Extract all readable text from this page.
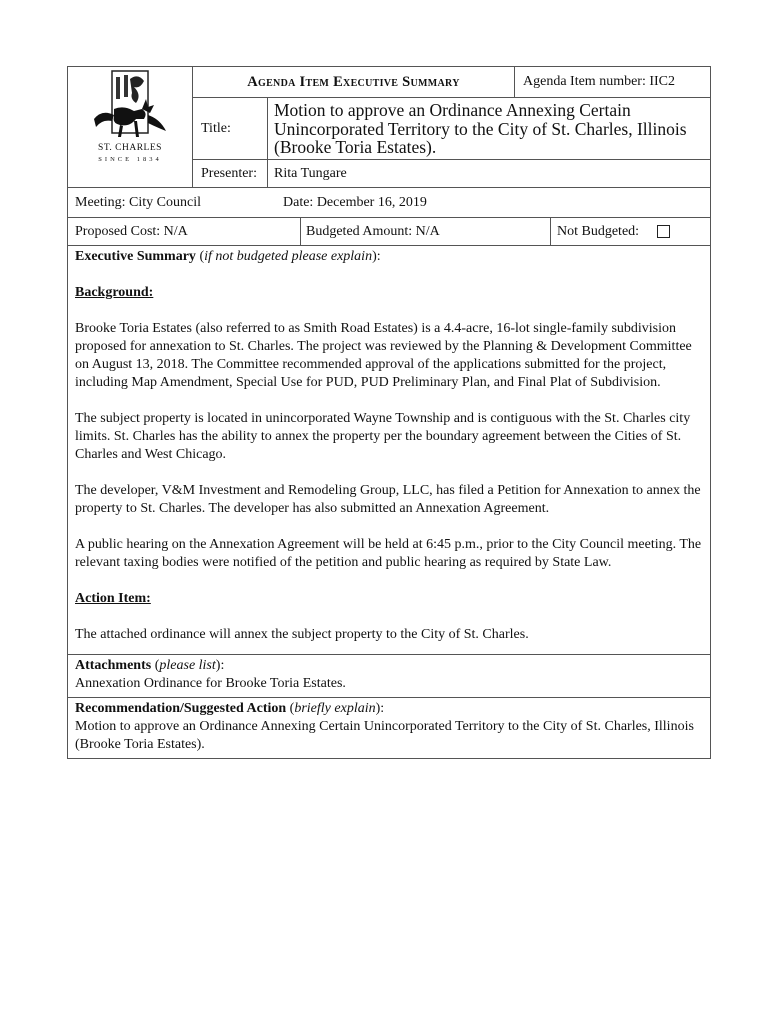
ST. CHARLES
SINCE 1834
Agenda Item Executive Summary	Agenda Item number: IIC2
Title:
Motion to approve an Ordinance Annexing Certain Unincorporated Territory to the City of St. Charles, Illinois (Brooke Toria Estates).
Presenter:	Rita Tungare
Meeting: City Council	Date: December 16, 2019
Proposed Cost: N/A	Budgeted Amount: N/A	Not Budgeted:
Executive Summary (if not budgeted please explain):

Background:

Brooke Toria Estates (also referred to as Smith Road Estates) is a 4.4-acre, 16-lot single-family subdivision proposed for annexation to St. Charles. The project was reviewed by the Planning & Development Committee on August 13, 2018. The Committee recommended approval of the applications submitted for the project, including Map Amendment, Special Use for PUD, PUD Preliminary Plan, and Final Plat of Subdivision.

The subject property is located in unincorporated Wayne Township and is contiguous with the St. Charles city limits. St. Charles has the ability to annex the property per the boundary agreement between the Cities of St. Charles and West Chicago.

The developer, V&M Investment and Remodeling Group, LLC, has filed a Petition for Annexation to annex the property to St. Charles. The developer has also submitted an Annexation Agreement.

A public hearing on the Annexation Agreement will be held at 6:45 p.m., prior to the City Council meeting. The relevant taxing bodies were notified of the petition and public hearing as required by State Law.

Action Item:

The attached ordinance will annex the subject property to the City of St. Charles.

Attachments (please list):
Annexation Ordinance for Brooke Toria Estates.
Recommendation/Suggested Action (briefly explain):
Motion to approve an Ordinance Annexing Certain Unincorporated Territory to the City of St. Charles, Illinois (Brooke Toria Estates).
